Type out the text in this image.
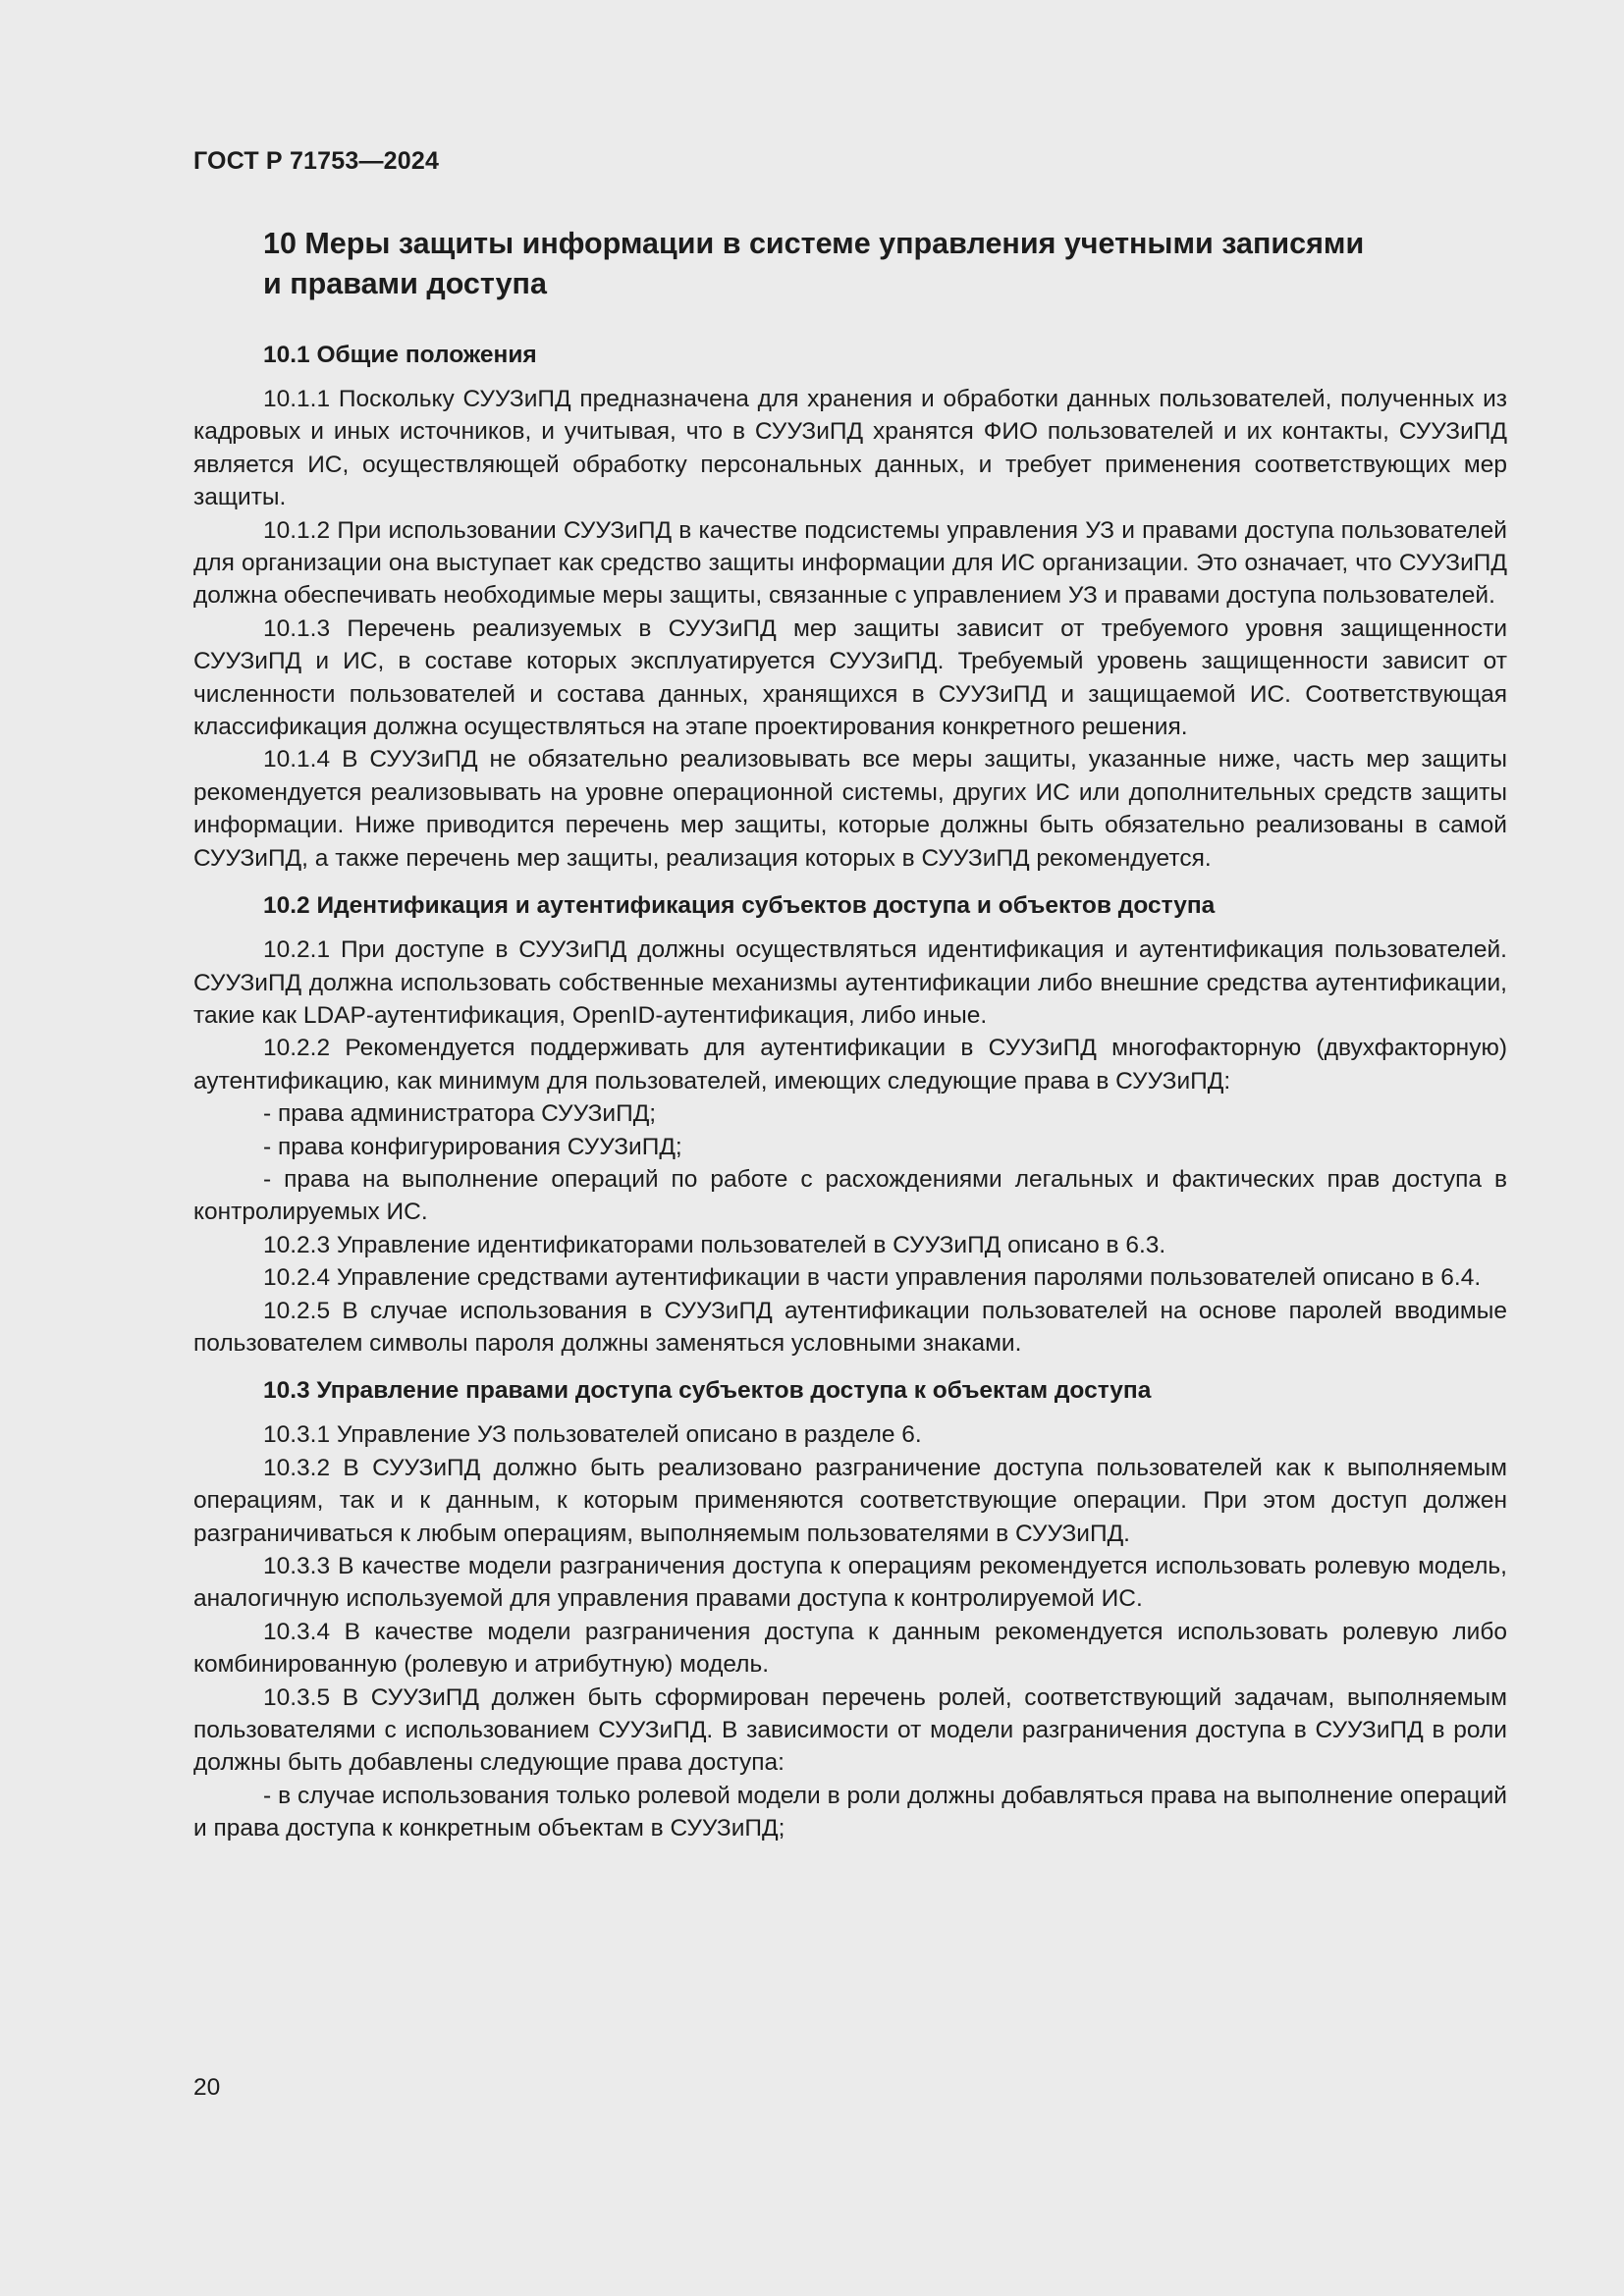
ГОСТ Р 71753—2024
10 Меры защиты информации в системе управления учетными записями
и правами доступа
10.1 Общие положения

10.1.1 Поскольку СУУЗиПД предназначена для хранения и обработки данных пользователей, полученных из кадровых и иных источников, и учитывая, что в СУУЗиПД хранятся ФИО пользователей и их контакты, СУУЗиПД является ИС, осуществляющей обработку персональных данных, и требует применения соответствующих мер защиты.

10.1.2 При использовании СУУЗиПД в качестве подсистемы управления УЗ и правами доступа пользователей для организации она выступает как средство защиты информации для ИС организации. Это означает, что СУУЗиПД должна обеспечивать необходимые меры защиты, связанные с управлением УЗ и правами доступа пользователей.

10.1.3 Перечень реализуемых в СУУЗиПД мер защиты зависит от требуемого уровня защищенности СУУЗиПД и ИС, в составе которых эксплуатируется СУУЗиПД. Требуемый уровень защищенности зависит от численности пользователей и состава данных, хранящихся в СУУЗиПД и защищаемой ИС. Соответствующая классификация должна осуществляться на этапе проектирования конкретного решения.

10.1.4 В СУУЗиПД не обязательно реализовывать все меры защиты, указанные ниже, часть мер защиты рекомендуется реализовывать на уровне операционной системы, других ИС или дополнительных средств защиты информации. Ниже приводится перечень мер защиты, которые должны быть обязательно реализованы в самой СУУЗиПД, а также перечень мер защиты, реализация которых в СУУЗиПД рекомендуется.

10.2 Идентификация и аутентификация субъектов доступа и объектов доступа

10.2.1 При доступе в СУУЗиПД должны осуществляться идентификация и аутентификация пользователей. СУУЗиПД должна использовать собственные механизмы аутентификации либо внешние средства аутентификации, такие как LDAP-аутентификация, OpenID-аутентификация, либо иные.

10.2.2 Рекомендуется поддерживать для аутентификации в СУУЗиПД многофакторную (двухфакторную) аутентификацию, как минимум для пользователей, имеющих следующие права в СУУЗиПД:

- права администратора СУУЗиПД;

- права конфигурирования СУУЗиПД;

- права на выполнение операций по работе с расхождениями легальных и фактических прав доступа в контролируемых ИС.

10.2.3 Управление идентификаторами пользователей в СУУЗиПД описано в 6.3.

10.2.4 Управление средствами аутентификации в части управления паролями пользователей описано в 6.4.

10.2.5 В случае использования в СУУЗиПД аутентификации пользователей на основе паролей вводимые пользователем символы пароля должны заменяться условными знаками.

10.3 Управление правами доступа субъектов доступа к объектам доступа

10.3.1 Управление УЗ пользователей описано в разделе 6.

10.3.2 В СУУЗиПД должно быть реализовано разграничение доступа пользователей как к выполняемым операциям, так и к данным, к которым применяются соответствующие операции. При этом доступ должен разграничиваться к любым операциям, выполняемым пользователями в СУУЗиПД.

10.3.3 В качестве модели разграничения доступа к операциям рекомендуется использовать ролевую модель, аналогичную используемой для управления правами доступа к контролируемой ИС.

10.3.4 В качестве модели разграничения доступа к данным рекомендуется использовать ролевую либо комбинированную (ролевую и атрибутную) модель.

10.3.5 В СУУЗиПД должен быть сформирован перечень ролей, соответствующий задачам, выполняемым пользователями с использованием СУУЗиПД. В зависимости от модели разграничения доступа в СУУЗиПД в роли должны быть добавлены следующие права доступа:

- в случае использования только ролевой модели в роли должны добавляться права на выполнение операций и права доступа к конкретным объектам в СУУЗиПД;

20
